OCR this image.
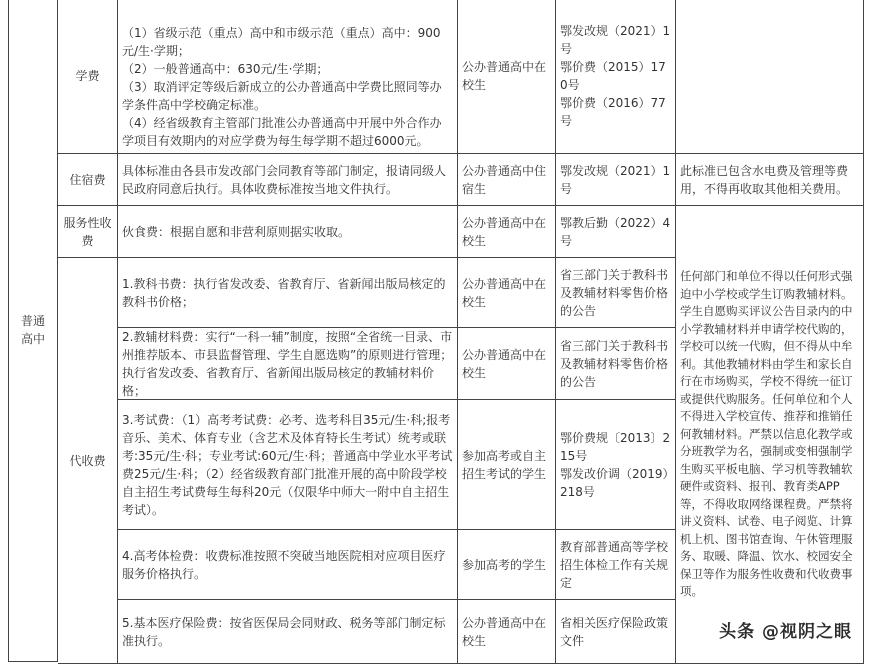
普通
高中
学费

（1）省级示范（重点）高中和市级示范（重点）高中：900元/生·学期；
（2）一般普通高中：630元/生·学期；
（3）取消评定等级后新成立的公办普通高中学费比照同等办学条件高中学校确定标准。
（4）经省级教育主管部门批准公办普通高中开展中外合作办学项目有效期内的对应学费为每生每学期不超过6000元。

公办普通高中在校生
鄂发改规（2021）1号
鄂价费（2015）170号
鄂价费（2016）77号
住宿费
具体标准由各县市发改部门会同教育等部门制定，报请同级人民政府同意后执行。具体收费标准按当地文件执行。
公办普通高中住宿生
鄂发改规（2021）1号
此标准已包含水电费及管理等费用，不得再收取其他相关费用。
服务性收费
伙食费：根据自愿和非营利原则据实收取。
公办普通高中在校生
鄂教后勤（2022）4号
代收费
1.教科书费：执行省发改委、省教育厅、省新闻出版局核定的教科书价格；
公办普通高中在校生
省三部门关于教科书及教辅材料零售价格的公告
2.教辅材料费：实行“一科一辅”制度，按照“全省统一目录、市州推荐版本、市县监督管理、学生自愿选购”的原则进行管理；执行省发改委、省教育厅、省新闻出版局核定的教辅材料价格；
公办普通高中在校生
省三部门关于教科书及教辅材料零售价格的公告
3.考试费：（1）高考考试费：必考、选考科目35元/生·科;报考音乐、美术、体育专业（含艺术及体育特长生考试）统考或联考:35元/生·科；专业考试:60元/生·科；普通高中学业水平考试费25元/生·科；（2）经省级教育部门批准开展的高中阶段学校自主招生考试费每生每科20元（仅限华中师大一附中自主招生考试）。
参加高考或自主招生考试的学生
鄂价费规〔2013〕215号
鄂发改价调（2019）218号
4.高考体检费：收费标准按照不突破当地医院相对应项目医疗服务价格执行。
参加高考的学生
教育部普通高等学校招生体检工作有关规定
5.基本医疗保险费：按省医保局会同财政、税务等部门制定标准执行。
公办普通高中在校生
省相关医疗保险政策文件
任何部门和单位不得以任何形式强迫中小学校或学生订购教辅材料。学生自愿购买评议公告目录内的中小学教辅材料并申请学校代购的，学校可以统一代购，但不得从中牟利。其他教辅材料由学生和家长自行在市场购买，学校不得统一征订或提供代购服务。任何单位和个人不得进入学校宣传、推荐和推销任何教辅材料。严禁以信息化教学或分班教学为名，强制或变相强制学生购买平板电脑、学习机等教辅软硬件或资料、报刊、教育类APP等，不得收取网络课程费。严禁将讲义资料、试卷、电子阅览、计算机上机、图书馆查询、午休管理服务、取暖、降温、饮水、校园安全保卫等作为服务性收费和代收费事项。
头条 @视阴之眼
